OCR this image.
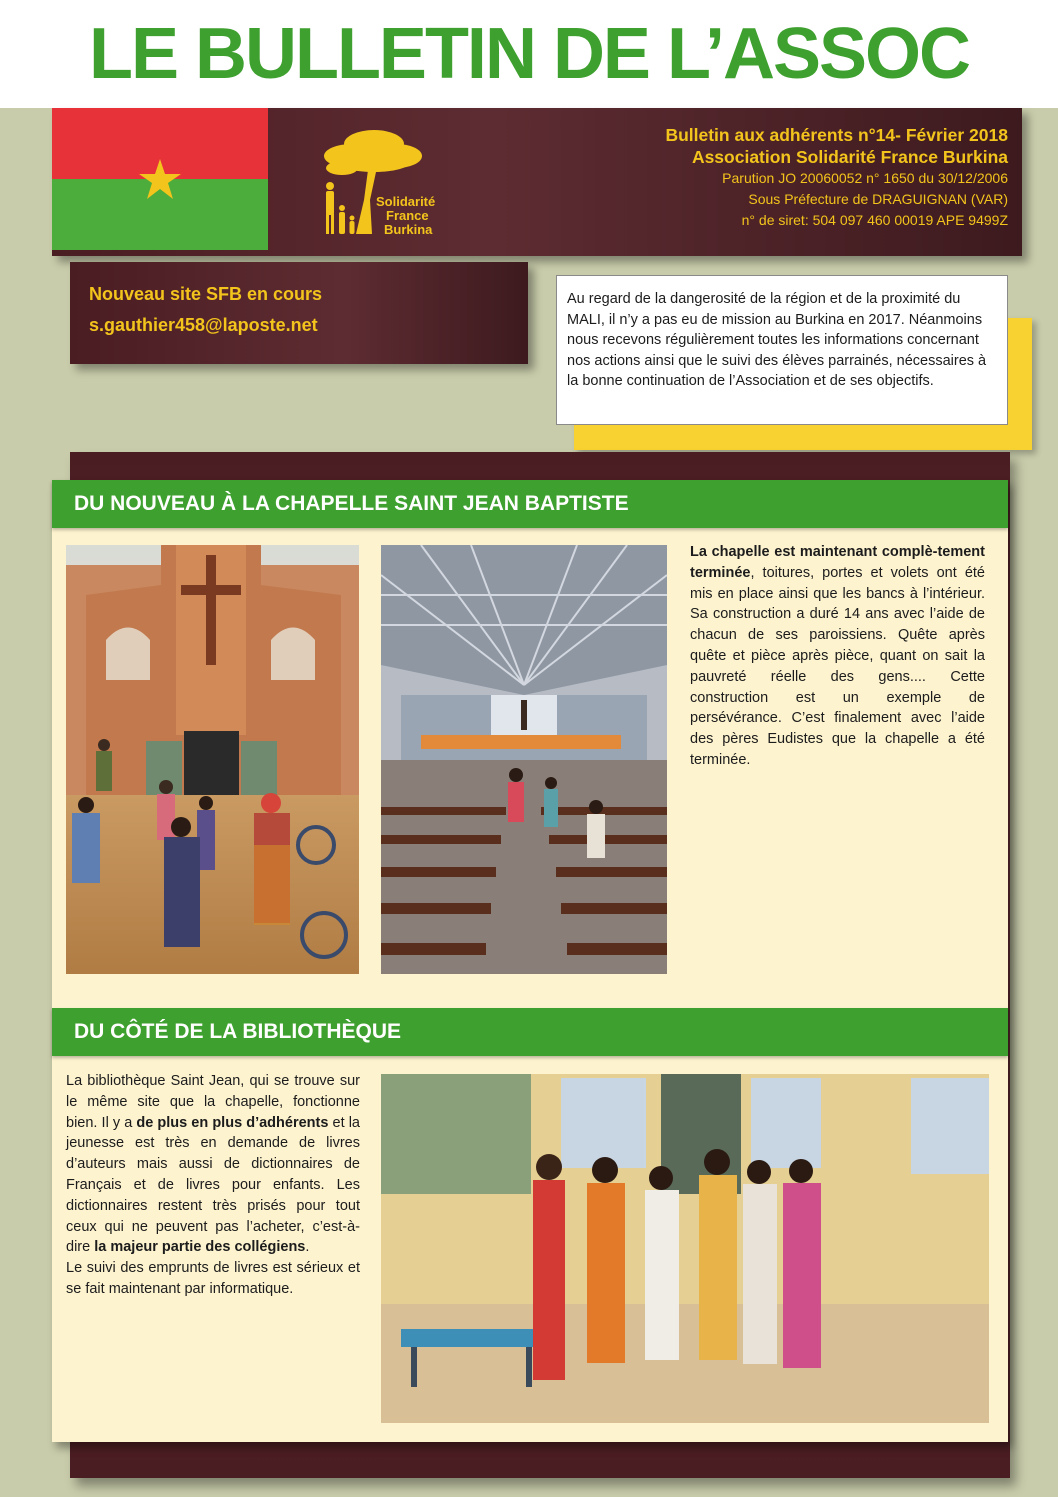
LE BULLETIN DE L’ASSOC
Solidarité
France
Burkina
Bulletin aux adhérents n°14- Février 2018
Association Solidarité France Burkina
Parution JO 20060052 n° 1650 du 30/12/2006
Sous Préfecture de DRAGUIGNAN (VAR)
n° de siret: 504 097 460 00019 APE 9499Z
Nouveau site SFB en cours
s.gauthier458@laposte.net
Au regard de la dangerosité de la région et de la proximité du MALI, il n’y a pas eu de mission au Burkina en 2017. Néanmoins nous recevons régulièrement toutes les informations concernant nos actions ainsi que le suivi des élèves parrainés, nécessaires à la bonne continuation de l’Association et de ses objectifs.
DU NOUVEAU À LA CHAPELLE SAINT JEAN BAPTISTE
La chapelle est maintenant complè-tement terminée, toitures, portes et volets ont été mis en place ainsi que les bancs à l’intérieur. Sa construction a duré 14 ans avec l’aide de chacun de ses paroissiens. Quête après quête et pièce après pièce, quant on sait la pauvreté réelle des gens.... Cette construction est un exemple de persévérance. C’est finalement avec l’aide des pères Eudistes que la chapelle a été terminée.
DU CÔTÉ DE LA BIBLIOTHÈQUE
La bibliothèque Saint Jean, qui se trouve sur le même site que la chapelle, fonctionne bien. Il y a de plus en plus d’adhérents et la jeunesse est très en demande de livres d’auteurs mais aussi de dictionnaires de Français et de livres pour enfants. Les dictionnaires restent très prisés pour tout ceux qui ne peuvent pas l’acheter, c’est-à-dire la majeur partie des collégiens.
Le suivi des emprunts de livres est sérieux et se fait maintenant par informatique.
